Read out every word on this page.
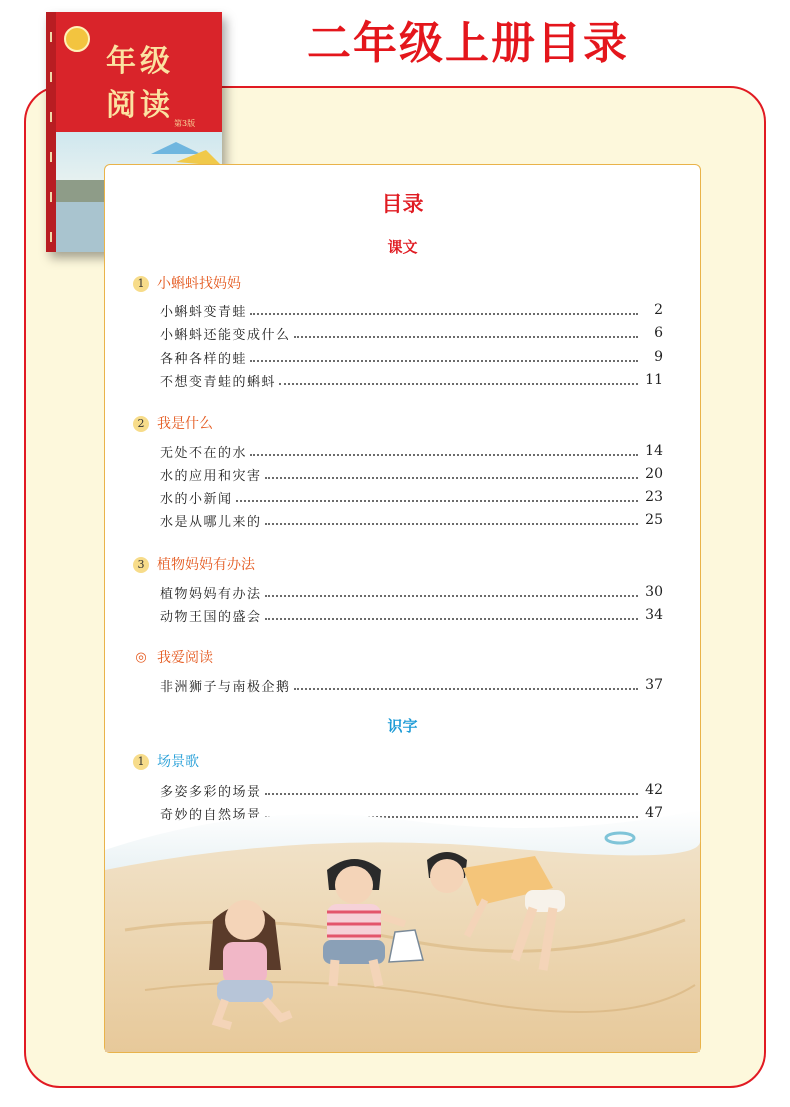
二年级上册目录
年级
阅读
第3版
目录
课文
1 小蝌蚪找妈妈
小蝌蚪变青蛙	2
小蝌蚪还能变成什么	6
各种各样的蛙	9
不想变青蛙的蝌蚪	11
2 我是什么
无处不在的水	14
水的应用和灾害	20
水的小新闻	23
水是从哪儿来的	25
3 植物妈妈有办法
植物妈妈有办法	30
动物王国的盛会	34
◎ 我爱阅读
非洲狮子与南极企鹅	37
识字
1 场景歌
多姿多彩的场景	42
奇妙的自然场景	47
